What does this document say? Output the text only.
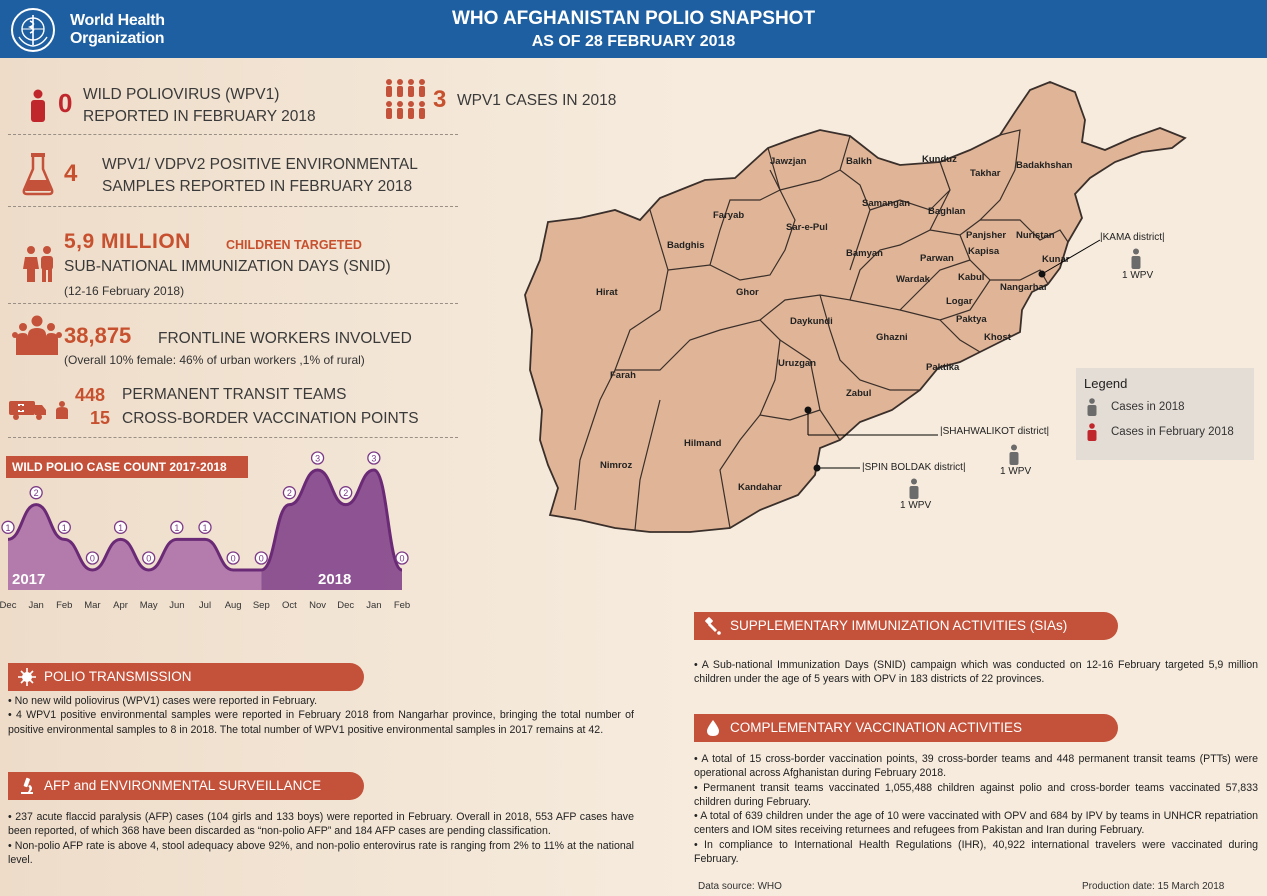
World Health
Organization
WHO AFGHANISTAN POLIO SNAPSHOT
AS OF 28 FEBRUARY 2018
0 WILD POLIOVIRUS (WPV1)
REPORTED IN FEBRUARY 2018
3 WPV1 CASES IN 2018
4 WPV1/ VDPV2 POSITIVE ENVIRONMENTAL
SAMPLES REPORTED IN FEBRUARY 2018
5,9 MILLION	CHILDREN TARGETED
SUB-NATIONAL IMMUNIZATION DAYS (SNID)
(12-16 February 2018)
38,875 FRONTLINE WORKERS INVOLVED
(Overall 10% female: 46% of urban workers ,1% of rural)
448 PERMANENT TRANSIT TEAMS
15 CROSS-BORDER VACCINATION POINTS
WILD POLIO CASE COUNT 2017-2018
1
2
1
0
1
0
1	1
0	0
2
3
2
3
0
Dec Jan Feb Mar Apr May Jun Jul Aug Sep Oct Nov Dec Jan Feb
2017	2018
Jawzjan	Balkh	Kunduz
Takhar
Badakhshan
Samangan
Baghlan
Faryab
Sar-e-Pul
Badghis
Bamyan
Panjsher Nuristan
Parwan
Kapisa
Kunar
Kabul
Wardak
Nangarhar
Logar
Paktya
Khost
Hirat	Ghor
Daykundi
Ghazni
Paktika
Uruzgan
Zabul
Farah
Hilmand
Nimroz
Kandahar
|KAMA district|
1 WPV
|SHAHWALIKOT district|
1 WPV
|SPIN BOLDAK district|
1 WPV
Legend
Cases in 2018
Cases in February 2018
POLIO TRANSMISSION
• No new wild poliovirus (WPV1) cases were reported in February.
• 4 WPV1 positive environmental samples were reported in February 2018 from Nangarhar province, bringing the total number of positive environmental samples to 8 in 2018. The total number of WPV1 positive environmental samples in 2017 remains at 42.
AFP and ENVIRONMENTAL SURVEILLANCE
• 237 acute flaccid paralysis (AFP) cases (104 girls and 133 boys) were reported in February. Overall in 2018, 553 AFP cases have been reported, of which 368 have been discarded as “non-polio AFP” and 184 AFP cases are pending classification.
• Non-polio AFP rate is above 4, stool adequacy above 92%, and non-polio enterovirus rate is ranging from 2% to 11% at the national level.
SUPPLEMENTARY IMMUNIZATION ACTIVITIES (SIAs)
• A Sub-national Immunization Days (SNID) campaign which was conducted on 12-16 February targeted 5,9 million children under the age of 5 years with OPV in 183 districts of 22 provinces.
COMPLEMENTARY VACCINATION ACTIVITIES
• A total of 15 cross-border vaccination points, 39 cross-border teams and 448 permanent transit teams (PTTs) were operational across Afghanistan during February 2018.
• Permanent transit teams vaccinated 1,055,488 children against polio and cross-border teams vaccinated 57,833 children during February.
• A total of 639 children under the age of 10 were vaccinated with OPV and 684 by IPV by teams in UNHCR repatriation centers and IOM sites receiving returnees and refugees from Pakistan and Iran during February.
• In compliance to International Health Regulations (IHR), 40,922 international travelers were vaccinated during February.
Data source: WHO	Production date: 15 March 2018
